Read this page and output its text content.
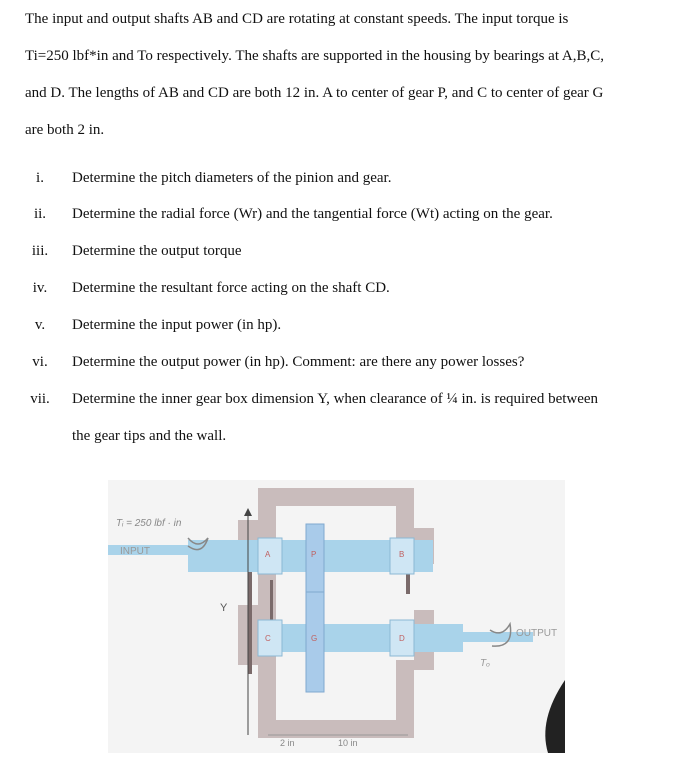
The input and output shafts AB and CD are rotating at constant speeds. The input torque is
Ti=250 lbf*in and To respectively. The shafts are supported in the housing by bearings at A,B,C,
and D. The lengths of AB and CD are both 12 in. A to center of gear P, and C to center of gear G
are both 2 in.
i.	Determine the pitch diameters of the pinion and gear.
ii.	Determine the radial force (Wr) and the tangential force (Wt) acting on the gear.
iii.	Determine the output torque
iv.	Determine the resultant force acting on the shaft CD.
v.	Determine the input power (in hp).
vi.	Determine the output power (in hp). Comment: are there any power losses?
vii.	Determine the inner gear box dimension Y, when clearance of ¼ in. is required between
the gear tips and the wall.
Tᵢ = 250 lbf · in
INPUT
OUTPUT
Tₒ
Y
A	B
C	D
P
G
2 in	10 in
